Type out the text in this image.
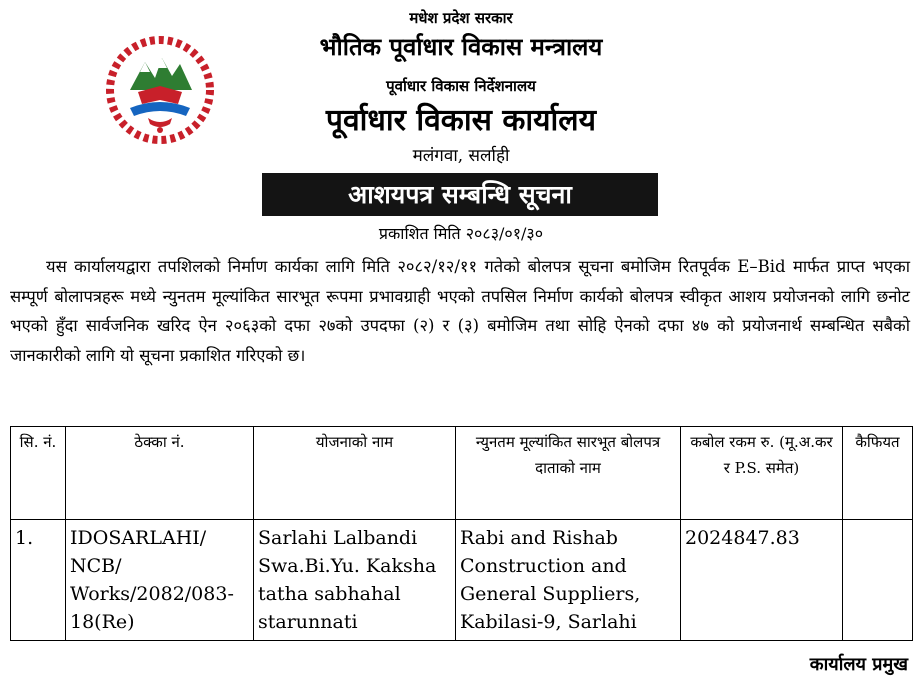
मधेश प्रदेश सरकार
भौतिक पूर्वाधार विकास मन्त्रालय
पूर्वाधार विकास निर्देशनालय
पूर्वाधार विकास कार्यालय
मलंगवा, सर्लाही
आशयपत्र सम्बन्धि सूचना
प्रकाशित मिति २०८३/०१/३०
यस कार्यालयद्वारा तपशिलको निर्माण कार्यका लागि मिति २०८२/१२/११ गतेको बोलपत्र सूचना बमोजिम रितपूर्वक E–Bid मार्फत प्राप्त भएका सम्पूर्ण बोलापत्रहरू मध्ये न्युनतम मूल्यांकित सारभूत रूपमा प्रभावग्राही भएको तपसिल निर्माण कार्यको बोलपत्र स्वीकृत आशय प्रयोजनको लागि छनोट भएको हुँदा सार्वजनिक खरिद ऐन २०६३को दफा २७को उपदफा (२) र (३) बमोजिम तथा सोहि ऐनको दफा ४७ को प्रयोजनार्थ सम्बन्धित सबैको जानकारीको लागि यो सूचना प्रकाशित गरिएको छ।
सि. नं.	ठेक्का नं.	योजनाको नाम	न्युनतम मूल्यांकित सारभूत बोलपत्र दाताको नाम	कबोल रकम रु. (मू.अ.कर र P.S. समेत)	कैफियत
1.	IDOSARLAHI/ NCB/ Works/2082/083-18(Re)	Sarlahi Lalbandi Swa.Bi.Yu. Kaksha tatha sabhahal starunnati	Rabi and Rishab Construction and General Suppliers, Kabilasi-9, Sarlahi	2024847.83	
कार्यालय प्रमुख
